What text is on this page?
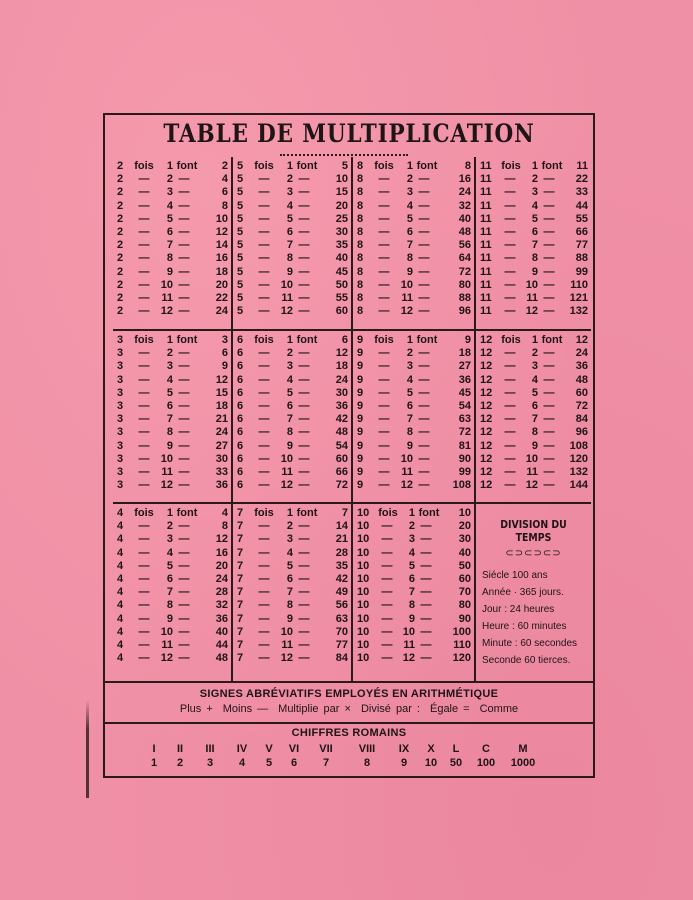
TABLE DE MULTIPLICATION
2	fois	1 font	2
2	—	2 —	4
2	—	3 —	6
2	—	4 —	8
2	—	5 —	10
2	—	6 —	12
2	—	7 —	14
2	—	8 —	16
2	—	9 —	18
2	—	10 —	20
2	—	11 —	22
2	—	12 —	24
5	fois	1 font	5
5	—	2 —	10
5	—	3 —	15
5	—	4 —	20
5	—	5 —	25
5	—	6 —	30
5	—	7 —	35
5	—	8 —	40
5	—	9 —	45
5	—	10 —	50
5	—	11 —	55
5	—	12 —	60
8	fois	1 font	8
8	—	2 —	16
8	—	3 —	24
8	—	4 —	32
8	—	5 —	40
8	—	6 —	48
8	—	7 —	56
8	—	8 —	64
8	—	9 —	72
8	—	10 —	80
8	—	11 —	88
8	—	12 —	96
11 fois	1 font	11
11	—	2 —	22
11	—	3 —	33
11	—	4 —	44
11	—	5 —	55
11	—	6 —	66
11	—	7 —	77
11	—	8 —	88
11	—	9 —	99
11	— 10 —	110
11	— 11 —	121
11	— 12 —	132
3	fois	1 font	3
3	—	2 —	6
3	—	3 —	9
3	—	4 —	12
3	—	5 —	15
3	—	6 —	18
3	—	7 —	21
3	—	8 —	24
3	—	9 —	27
3	—	10 —	30
3	—	11 —	33
3	—	12 —	36
6	fois	1 font	6
6	—	2 —	12
6	—	3 —	18
6	—	4 —	24
6	—	5 —	30
6	—	6 —	36
6	—	7 —	42
6	—	8 —	48
6	—	9 —	54
6	—	10 —	60
6	—	11 —	66
6	—	12 —	72
9	fois	1 font	9
9	—	2 —	18
9	—	3 —	27
9	—	4 —	36
9	—	5 —	45
9	—	6 —	54
9	—	7 —	63
9	—	8 —	72
9	—	9 —	81
9	—	10 —	90
9	—	11 —	99
9	—	12 —	108
12 fois	1 font	12
12	—	2 —	24
12	—	3 —	36
12	—	4 —	48
12	—	5 —	60
12	—	6 —	72
12	—	7 —	84
12	—	8 —	96
12	—	9 —	108
12	— 10 —	120
12	— 11 —	132
12	— 12 —	144
4	fois	1 font	4
4	—	2 —	8
4	—	3 —	12
4	—	4 —	16
4	—	5 —	20
4	—	6 —	24
4	—	7 —	28
4	—	8 —	32
4	—	9 —	36
4	—	10 —	40
4	—	11 —	44
4	—	12 —	48
7	fois	1 font	7
7	—	2 —	14
7	—	3 —	21
7	—	4 —	28
7	—	5 —	35
7	—	6 —	42
7	—	7 —	49
7	—	8 —	56
7	—	9 —	63
7	—	10 —	70
7	—	11 —	77
7	—	12 —	84
10 fois	1 font	10
10	—	2 —	20
10	—	3 —	30
10	—	4 —	40
10	—	5 —	50
10	—	6 —	60
10	—	7 —	70
10	—	8 —	80
10	—	9 —	90
10	— 10 —	100
10	— 11 —	110
10	— 12 —	120
DIVISION DU TEMPS
⊂⊃⊂⊃⊂⊃
Siécle 100 ans
Année · 365 jours.
Jour : 24 heures
Heure : 60 minutes
Minute : 60 secondes
Seconde 60 tierces.
SIGNES ABRÉVIATIFS EMPLOYÉS EN ARITHMÉTIQUE
Plus + Moins — Multiplie par × Divisé par : Égale = Comme
CHIFFRES ROMAINS
I	II	III	IV	V	VI	VII	VIII	IX	X	L	C	M
1	2	3	4	5	6	7	8	9	10	50	100	1000
